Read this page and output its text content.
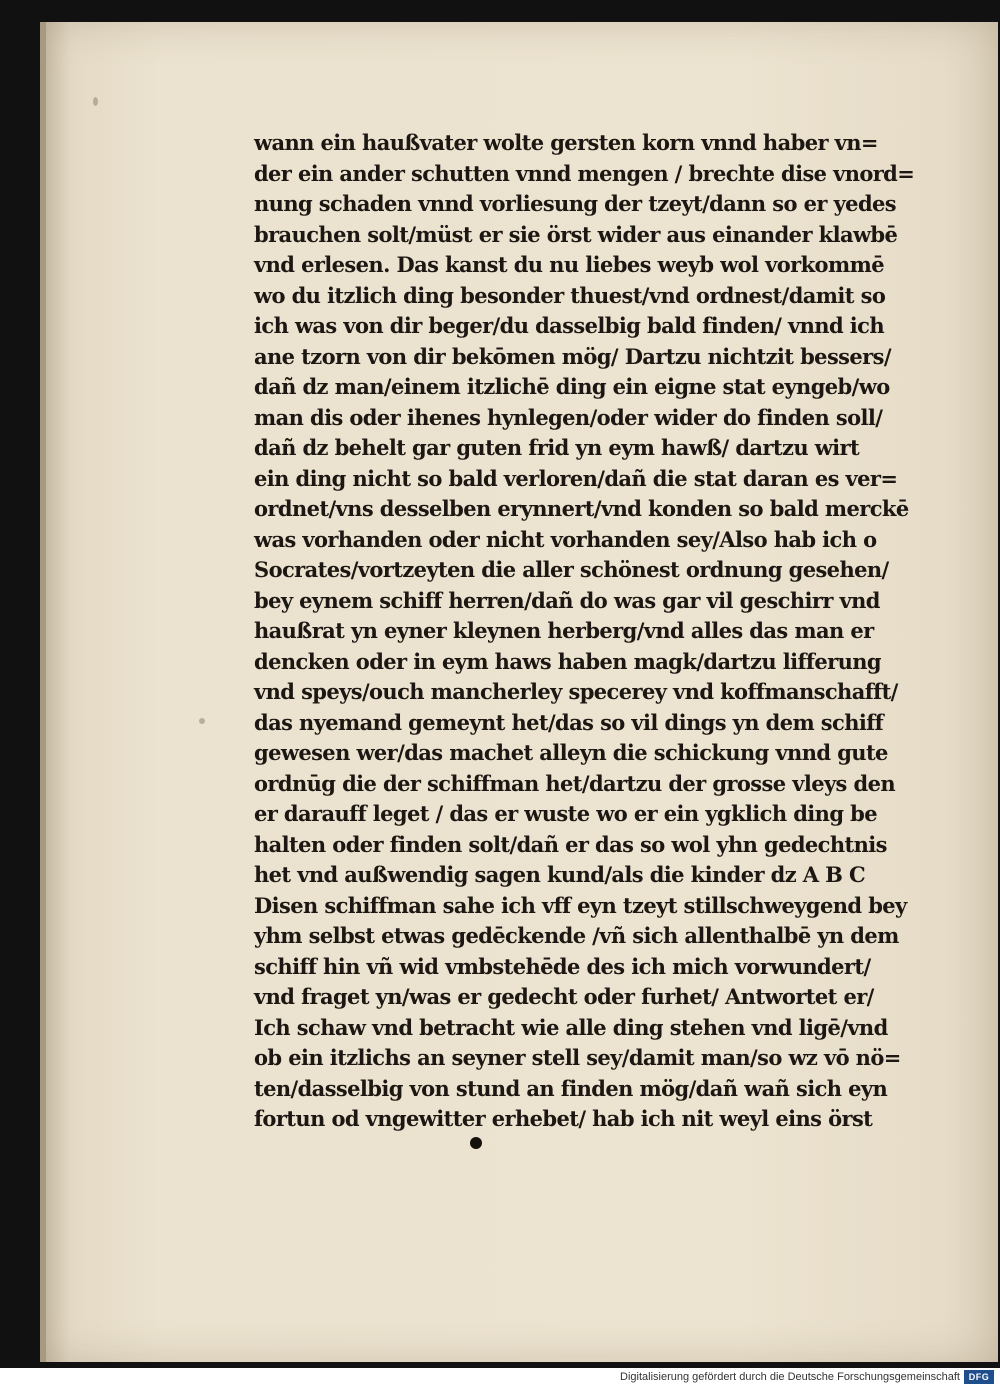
wann ein haußvater wolte gersten korn vnnd haber vn=
der ein ander schutten vnnd mengen / brechte dise vnord=
nung schaden vnnd vorliesung der tzeyt/dann so er yedes
brauchen solt/müst er sie örst wider aus einander klawbē
vnd erlesen. Das kanst du nu liebes weyb wol vorkommē
wo du itzlich ding besonder thuest/vnd ordnest/damit so
ich was von dir beger/du dasselbig bald finden/ vnnd ich
ane tzorn von dir bekōmen mög/ Dartzu nichtzit bessers/
dañ dz man/einem itzlichē ding ein eigne stat eyngeb/wo
man dis oder ihenes hynlegen/oder wider do finden soll/
dañ dz behelt gar guten frid yn eym hawß/ dartzu wirt
ein ding nicht so bald verloren/dañ die stat daran es ver=
ordnet/vns desselben erynnert/vnd konden so bald merckē
was vorhanden oder nicht vorhanden sey/Also hab ich o
Socrates/vortzeyten die aller schönest ordnung gesehen/
bey eynem schiff herren/dañ do was gar vil geschirr vnd
haußrat yn eyner kleynen herberg/vnd alles das man er
dencken oder in eym haws haben magk/dartzu lifferung
vnd speys/ouch mancherley specerey vnd koffmanschafft/
das nyemand gemeynt het/das so vil dings yn dem schiff
gewesen wer/das machet alleyn die schickung vnnd gute
ordnūg die der schiffman het/dartzu der grosse vleys den
er darauff leget / das er wuste wo er ein ygklich ding be
halten oder finden solt/dañ er das so wol yhn gedechtnis
het vnd außwendig sagen kund/als die kinder dz A B C
Disen schiffman sahe ich vff eyn tzeyt stillschweygend bey
yhm selbst etwas gedēckende /vñ sich allenthalbē yn dem
schiff hin vñ wid vmbstehēde des ich mich vorwundert/
vnd fraget yn/was er gedecht oder furhet/ Antwortet er/
Ich schaw vnd betracht wie alle ding stehen vnd ligē/vnd
ob ein itzlichs an seyner stell sey/damit man/so wz vō nö=
ten/dasselbig von stund an finden mög/dañ wañ sich eyn
fortun od vngewitter erhebet/ hab ich nit weyl eins örst
Digitalisierung gefördert durch die Deutsche Forschungsgemeinschaft DFG
